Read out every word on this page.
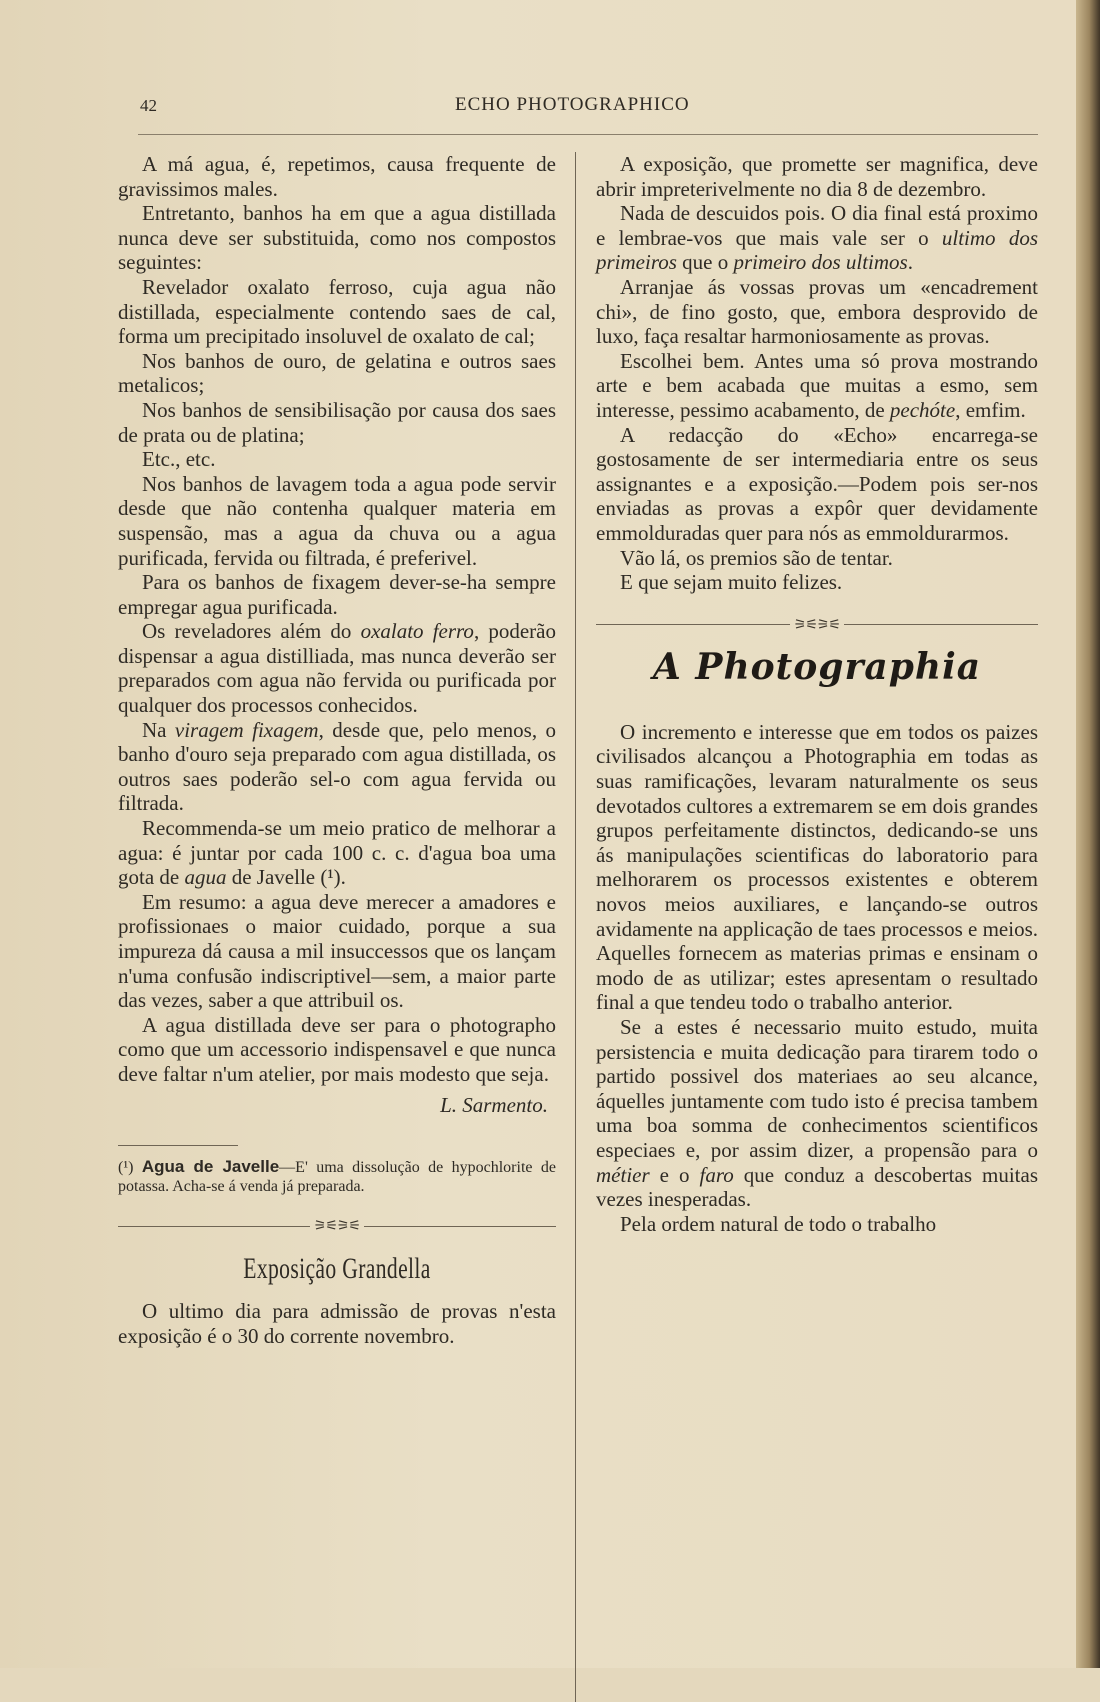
42	ECHO PHOTOGRAPHICO

A má agua, é, repetimos, causa frequente de gravissimos males.

Entretanto, banhos ha em que a agua distillada nunca deve ser substituida, como nos compostos seguintes:

Revelador oxalato ferroso, cuja agua não distillada, especialmente contendo saes de cal, forma um precipitado insoluvel de oxalato de cal;

Nos banhos de ouro, de gelatina e outros saes metalicos;

Nos banhos de sensibilisação por causa dos saes de prata ou de platina;

Etc., etc.

Nos banhos de lavagem toda a agua pode servir desde que não contenha qualquer materia em suspensão, mas a agua da chuva ou a agua purificada, fervida ou filtrada, é preferivel.

Para os banhos de fixagem dever-se-ha sempre empregar agua purificada.

Os reveladores além do oxalato ferro, poderão dispensar a agua distilliada, mas nunca deverão ser preparados com agua não fervida ou purificada por qualquer dos processos conhecidos.

Na viragem fixagem, desde que, pelo menos, o banho d'ouro seja preparado com agua distillada, os outros saes poderão sel-o com agua fervida ou filtrada.

Recommenda-se um meio pratico de melhorar a agua: é juntar por cada 100 c. c. d'agua boa uma gota de agua de Javelle (¹).

Em resumo: a agua deve merecer a amadores e profissionaes o maior cuidado, porque a sua impureza dá causa a mil insuccessos que os lançam n'uma confusão indiscriptivel—sem, a maior parte das vezes, saber a que attribuil os.

A agua distillada deve ser para o photographo como que um accessorio indispensavel e que nunca deve faltar n'um atelier, por mais modesto que seja.

L. Sarmento.

(¹) Agua de Javelle—E' uma dissolução de hypochlorite de potassa. Acha-se á venda já preparada.

⚞⚟⚞⚟
Exposição Grandella

O ultimo dia para admissão de provas n'esta exposição é o 30 do corrente novembro.

A exposição, que promette ser magnifica, deve abrir impreterivelmente no dia 8 de dezembro.

Nada de descuidos pois. O dia final está proximo e lembrae-vos que mais vale ser o ultimo dos primeiros que o primeiro dos ultimos.

Arranjae ás vossas provas um «encadrement chi», de fino gosto, que, embora desprovido de luxo, faça resaltar harmoniosamente as provas.

Escolhei bem. Antes uma só prova mostrando arte e bem acabada que muitas a esmo, sem interesse, pessimo acabamento, de pechóte, emfim.

A redacção do «Echo» encarrega-se gostosamente de ser intermediaria entre os seus assignantes e a exposição.—Podem pois ser-nos enviadas as provas a expôr quer devidamente emmolduradas quer para nós as emmoldurarmos.

Vão lá, os premios são de tentar.

E que sejam muito felizes.

⚞⚟⚞⚟
A Photographia

O incremento e interesse que em todos os paizes civilisados alcançou a Photographia em todas as suas ramificações, levaram naturalmente os seus devotados cultores a extremarem se em dois grandes grupos perfeitamente distinctos, dedicando-se uns ás manipulações scientificas do laboratorio para melhorarem os processos existentes e obterem novos meios auxiliares, e lançando-se outros avidamente na applicação de taes processos e meios. Aquelles fornecem as materias primas e ensinam o modo de as utilizar; estes apresentam o resultado final a que tendeu todo o trabalho anterior.

Se a estes é necessario muito estudo, muita persistencia e muita dedicação para tirarem todo o partido possivel dos materiaes ao seu alcance, áquelles juntamente com tudo isto é precisa tambem uma boa somma de conhecimentos scientificos especiaes e, por assim dizer, a propensão para o métier e o faro que conduz a descobertas muitas vezes inesperadas.

Pela ordem natural de todo o trabalho
